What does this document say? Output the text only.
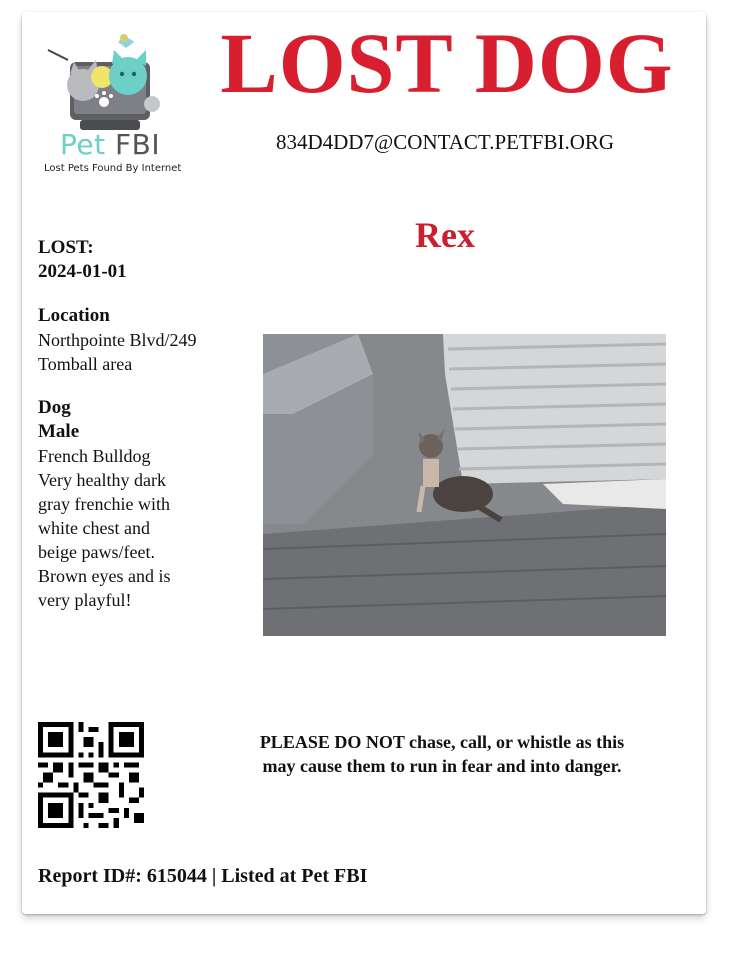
Pet FBI
Lost Pets Found By Internet
LOST DOG
834D4DD7@CONTACT.PETFBI.ORG
Rex
LOST:
2024-01-01
Location
Northpointe Blvd/249
Tomball area
Dog
Male
French Bulldog
Very healthy dark
gray frenchie with
white chest and
beige paws/feet.
Brown eyes and is
very playful!
PLEASE DO NOT chase, call, or whistle as this
may cause them to run in fear and into danger.
Report ID#: 615044 | Listed at Pet FBI
